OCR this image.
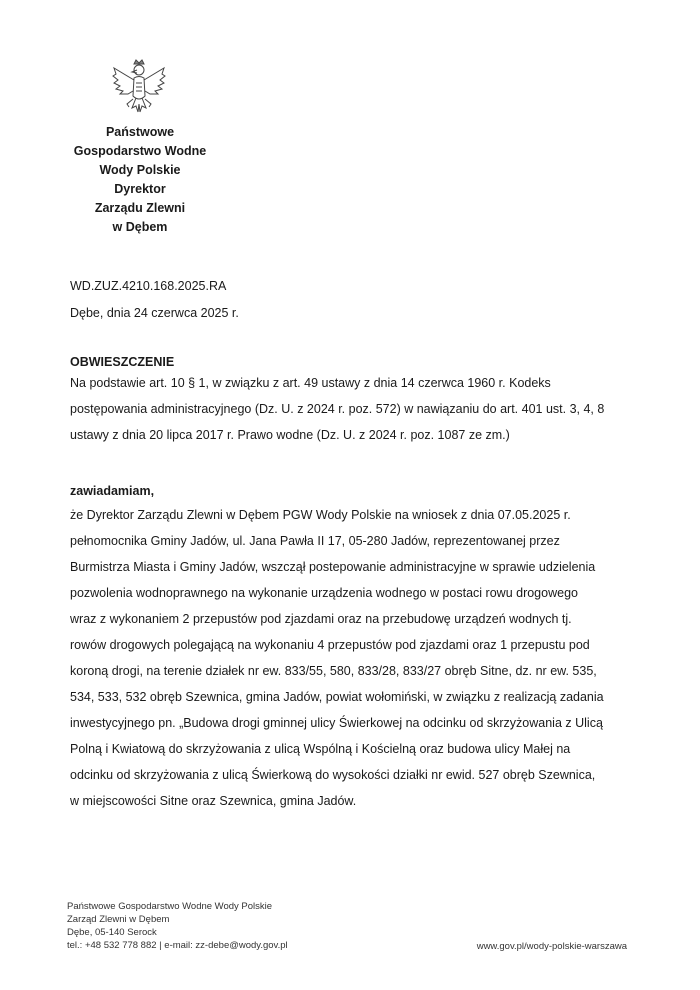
Państwowe
Gospodarstwo Wodne
Wody Polskie
Dyrektor
Zarządu Zlewni
w Dębem
WD.ZUZ.4210.168.2025.RA
Dębe, dnia 24 czerwca 2025 r.
OBWIESZCZENIE
Na podstawie art. 10 § 1, w związku z art. 49 ustawy z dnia 14 czerwca 1960 r. Kodeks
postępowania administracyjnego (Dz. U. z 2024 r. poz. 572) w nawiązaniu do art. 401 ust. 3, 4, 8
ustawy z dnia 20 lipca 2017 r. Prawo wodne (Dz. U. z 2024 r. poz. 1087 ze zm.)
zawiadamiam,
że Dyrektor Zarządu Zlewni w Dębem PGW Wody Polskie na wniosek z dnia 07.05.2025 r.
pełnomocnika Gminy Jadów, ul. Jana Pawła II 17, 05-280 Jadów, reprezentowanej przez
Burmistrza Miasta i Gminy Jadów, wszczął postepowanie administracyjne w sprawie udzielenia
pozwolenia wodnoprawnego na wykonanie urządzenia wodnego w postaci rowu drogowego
wraz z wykonaniem 2 przepustów pod zjazdami oraz na przebudowę urządzeń wodnych tj.
rowów drogowych polegającą na wykonaniu 4 przepustów pod zjazdami oraz 1 przepustu pod
koroną drogi, na terenie działek nr ew. 833/55, 580, 833/28, 833/27 obręb Sitne, dz. nr ew. 535,
534, 533, 532 obręb Szewnica, gmina Jadów, powiat wołomiński, w związku z realizacją zadania
inwestycyjnego pn. „Budowa drogi gminnej ulicy Świerkowej na odcinku od skrzyżowania z Ulicą
Polną i Kwiatową do skrzyżowania z ulicą Wspólną i Kościelną oraz budowa ulicy Małej na
odcinku od skrzyżowania z ulicą Świerkową do wysokości działki nr ewid. 527 obręb Szewnica,
w miejscowości Sitne oraz Szewnica, gmina Jadów.
Państwowe Gospodarstwo Wodne Wody Polskie
Zarząd Zlewni w Dębem
Dębe, 05-140 Serock
tel.: +48 532 778 882 | e-mail: zz-debe@wody.gov.pl	www.gov.pl/wody-polskie-warszawa
